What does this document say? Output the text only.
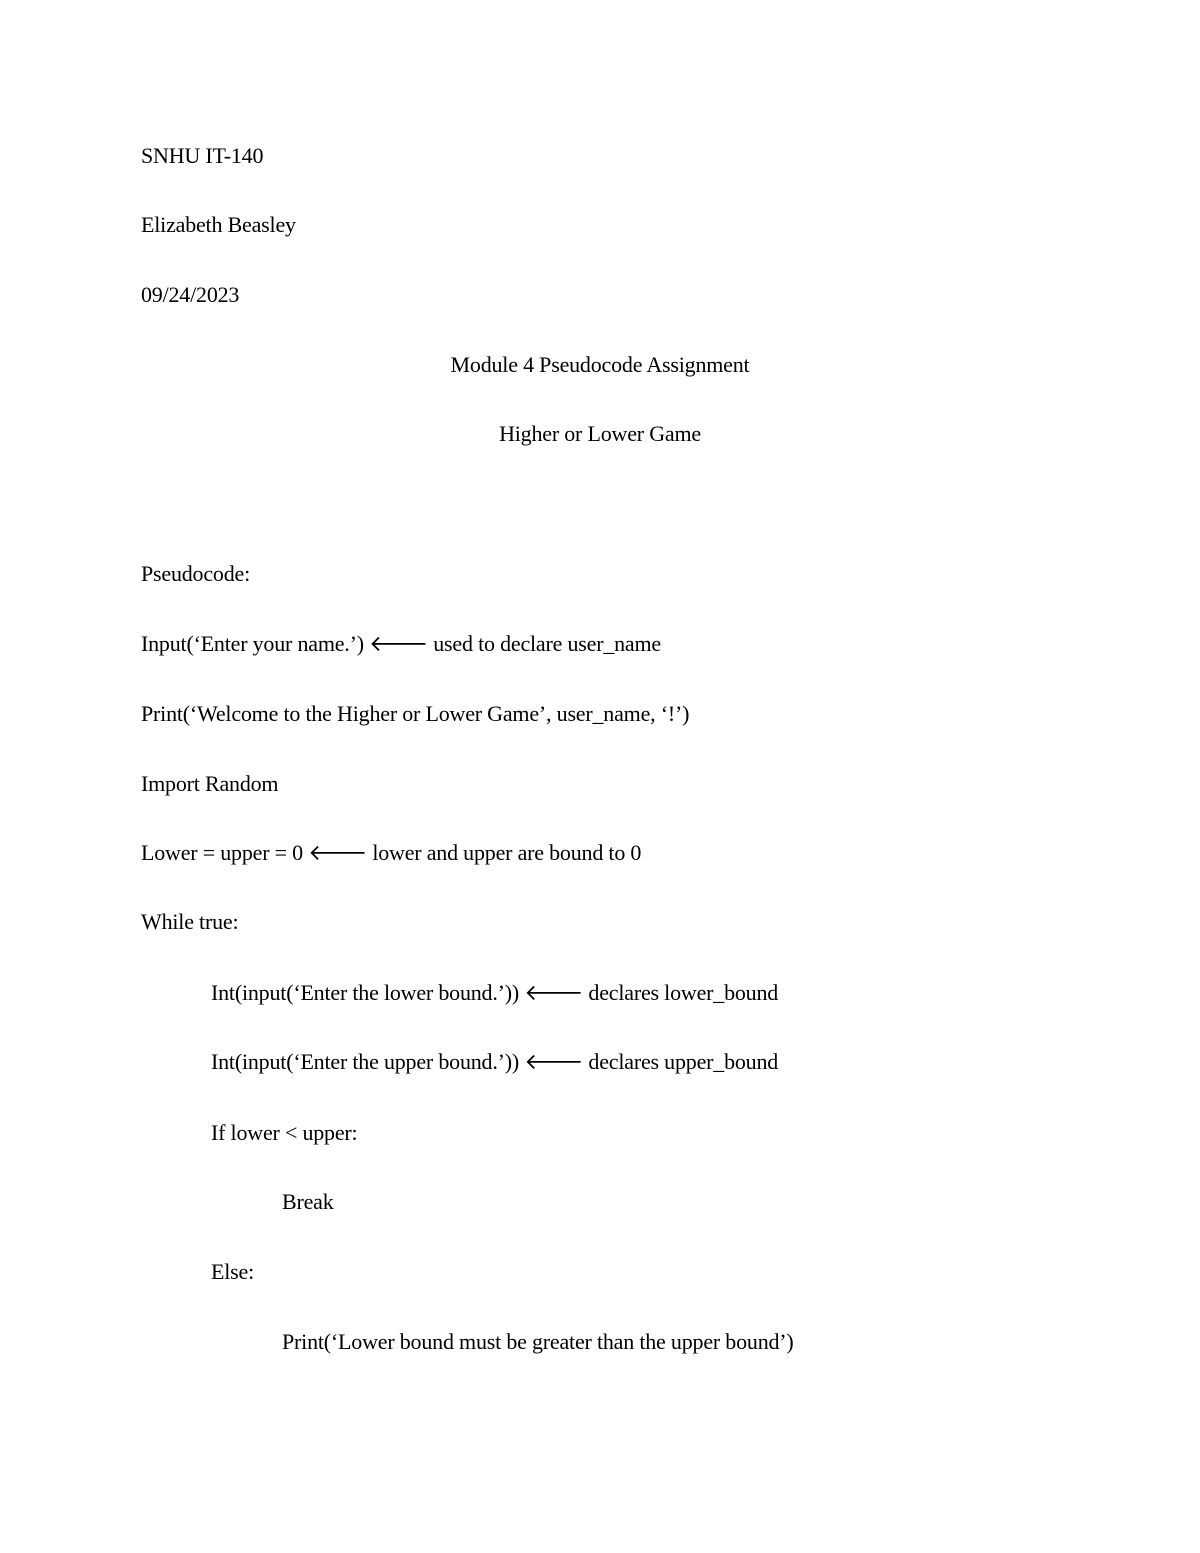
SNHU IT-140
Elizabeth Beasley
09/24/2023
Module 4 Pseudocode Assignment
Higher or Lower Game
Pseudocode:
Input(‘Enter your name.’) 🡐 used to declare user_name
Print(‘Welcome to the Higher or Lower Game’, user_name, ‘!’)
Import Random
Lower = upper = 0 🡐 lower and upper are bound to 0
While true:
Int(input(‘Enter the lower bound.’)) 🡐 declares lower_bound
Int(input(‘Enter the upper bound.’)) 🡐 declares upper_bound
If lower < upper:
Break
Else:
Print(‘Lower bound must be greater than the upper bound’)
